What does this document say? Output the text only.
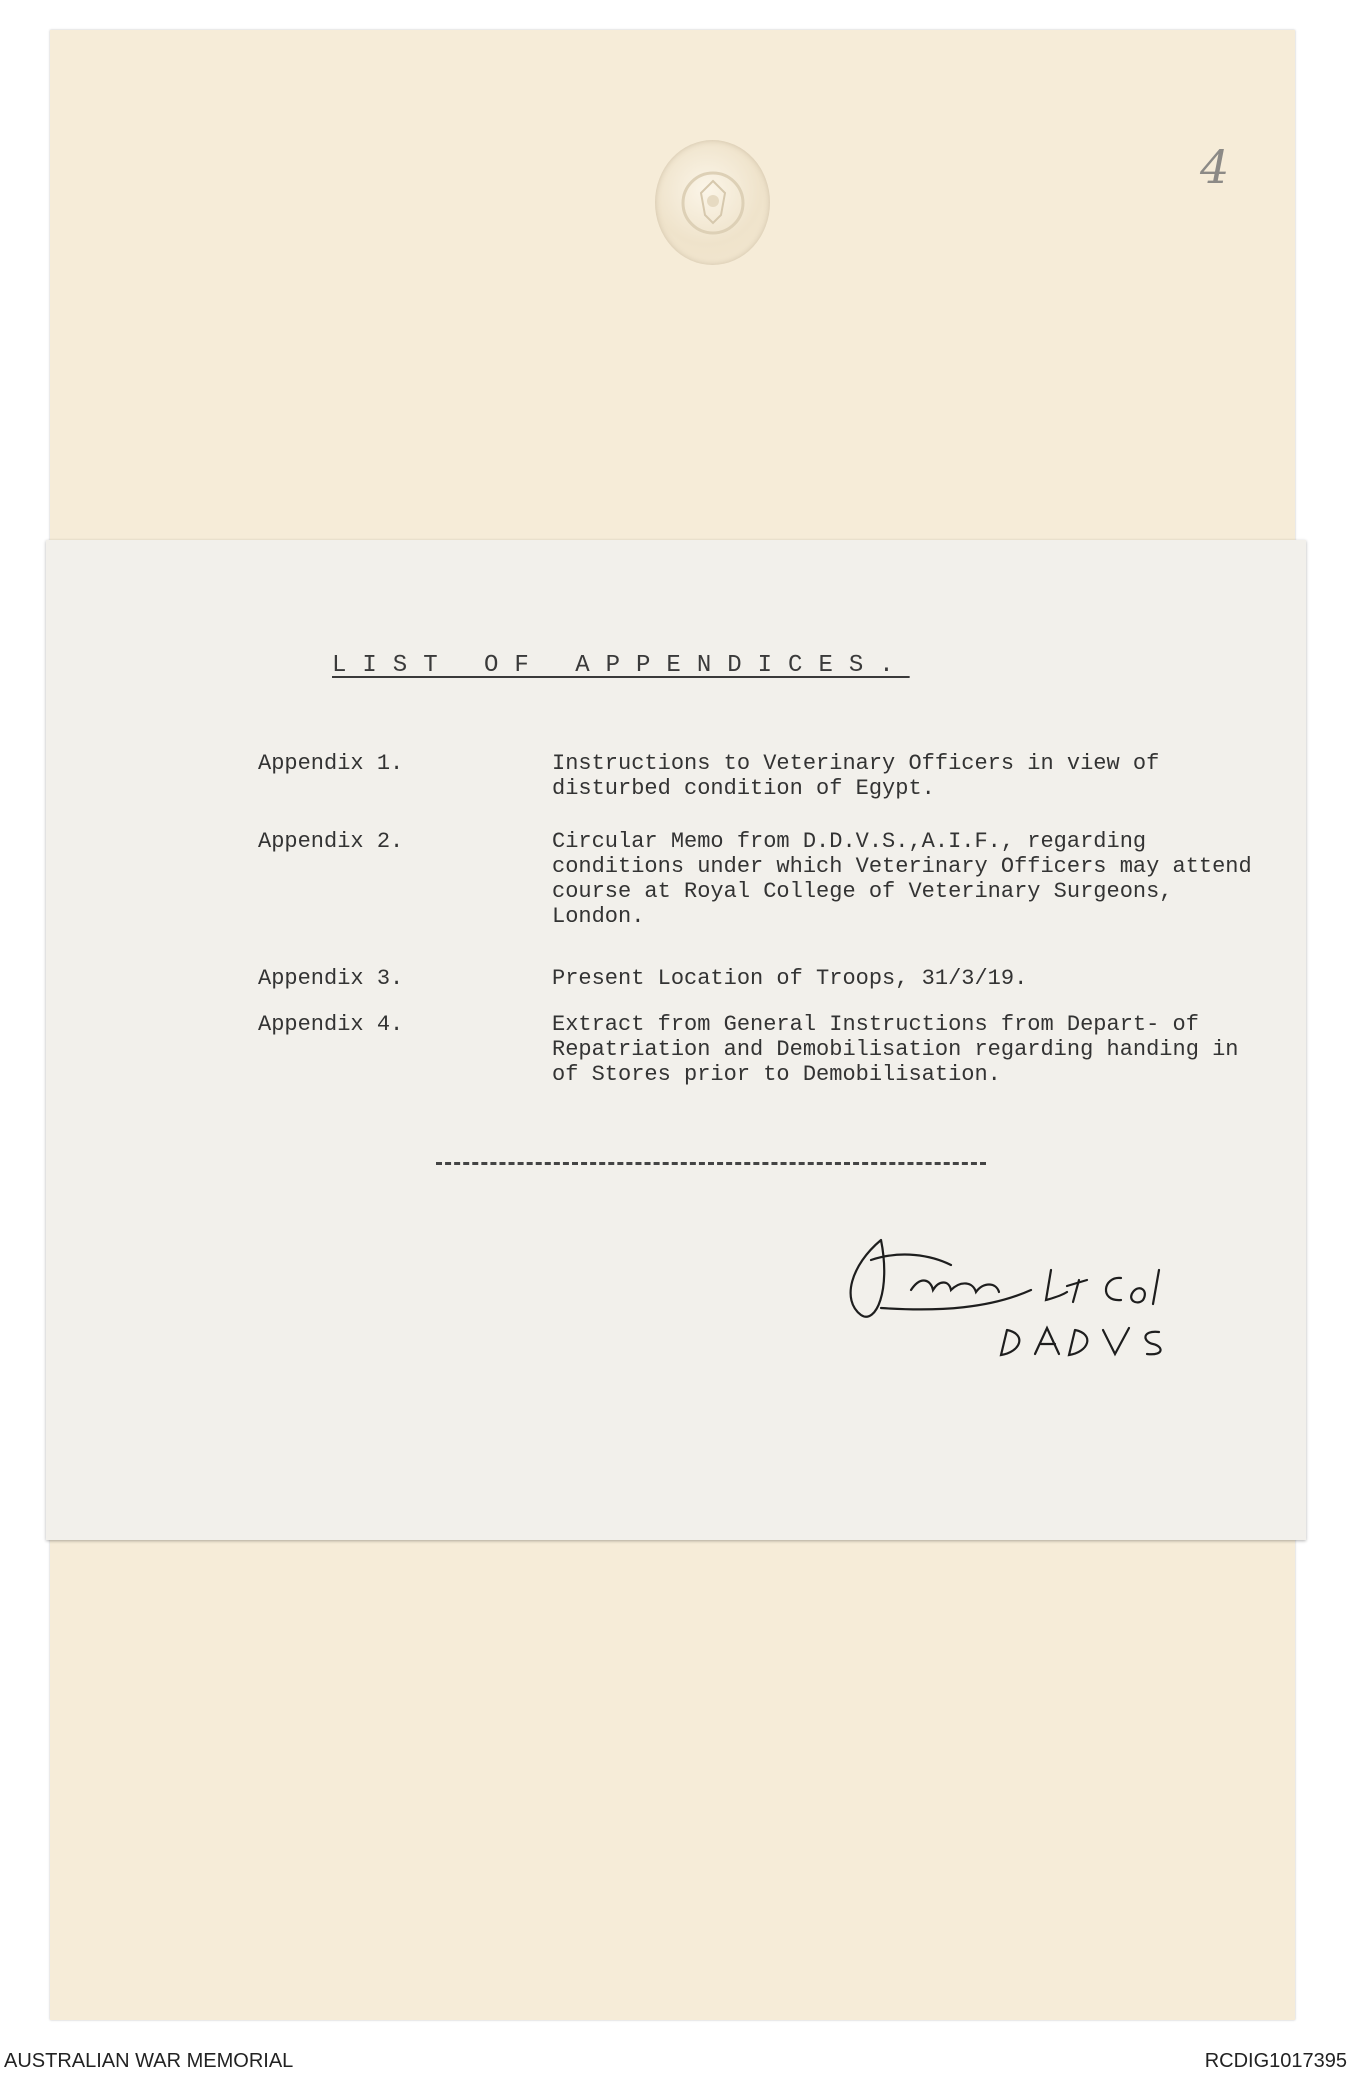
4
LIST OF APPENDICES.
Appendix 1.	Instructions to Veterinary Officers in view of disturbed condition of Egypt.
Appendix 2.	Circular Memo from D.D.V.S.,A.I.F., regarding conditions under which Veterinary Officers may attend course at Royal College of Veterinary Surgeons, London.
Appendix 3.	Present Location of Troops, 31/3/19.
Appendix 4.	Extract from General Instructions from Depart- of Repatriation and Demobilisation regarding handing in of Stores prior to Demobilisation.
AUSTRALIAN WAR MEMORIAL	RCDIG1017395
